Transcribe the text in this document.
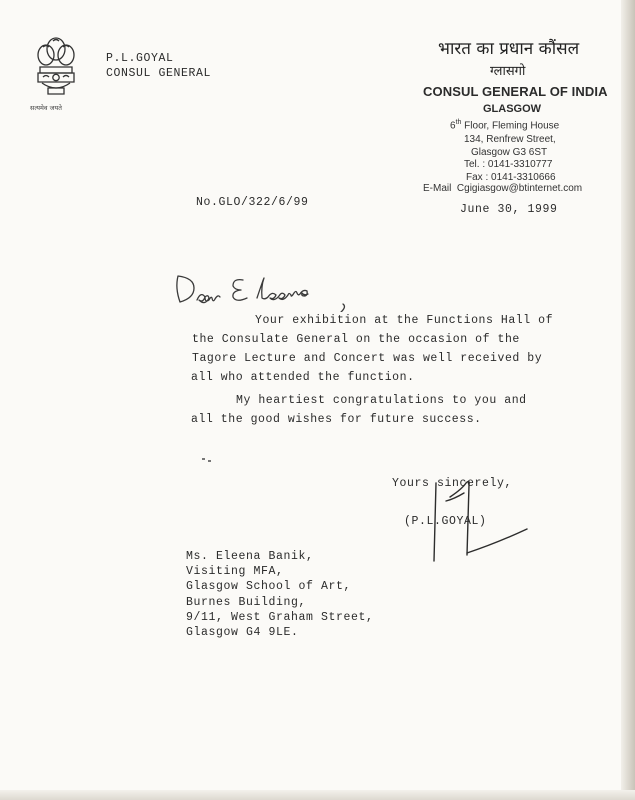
सत्यमेव जयते
P.L.GOYAL
CONSUL GENERAL
भारत का प्रधान कौंसल
ग्लासगो
CONSUL GENERAL OF INDIA
GLASGOW
6th Floor, Fleming House
134, Renfrew Street,
Glasgow G3 6ST
Tel. : 0141-3310777
Fax : 0141-3310666
E-Mail Cgigiasgow@btinternet.com
No.GLO/322/6/99
June 30, 1999
Your exhibition at the Functions Hall of
the Consulate General on the occasion of the
Tagore Lecture and Concert was well received by
all who attended the function.
My heartiest congratulations to you and
all the good wishes for future success.
Yours sincerely,
(P.L.GOYAL)
Ms. Eleena Banik,
Visiting MFA,
Glasgow School of Art,
Burnes Building,
9/11, West Graham Street,
Glasgow G4 9LE.
